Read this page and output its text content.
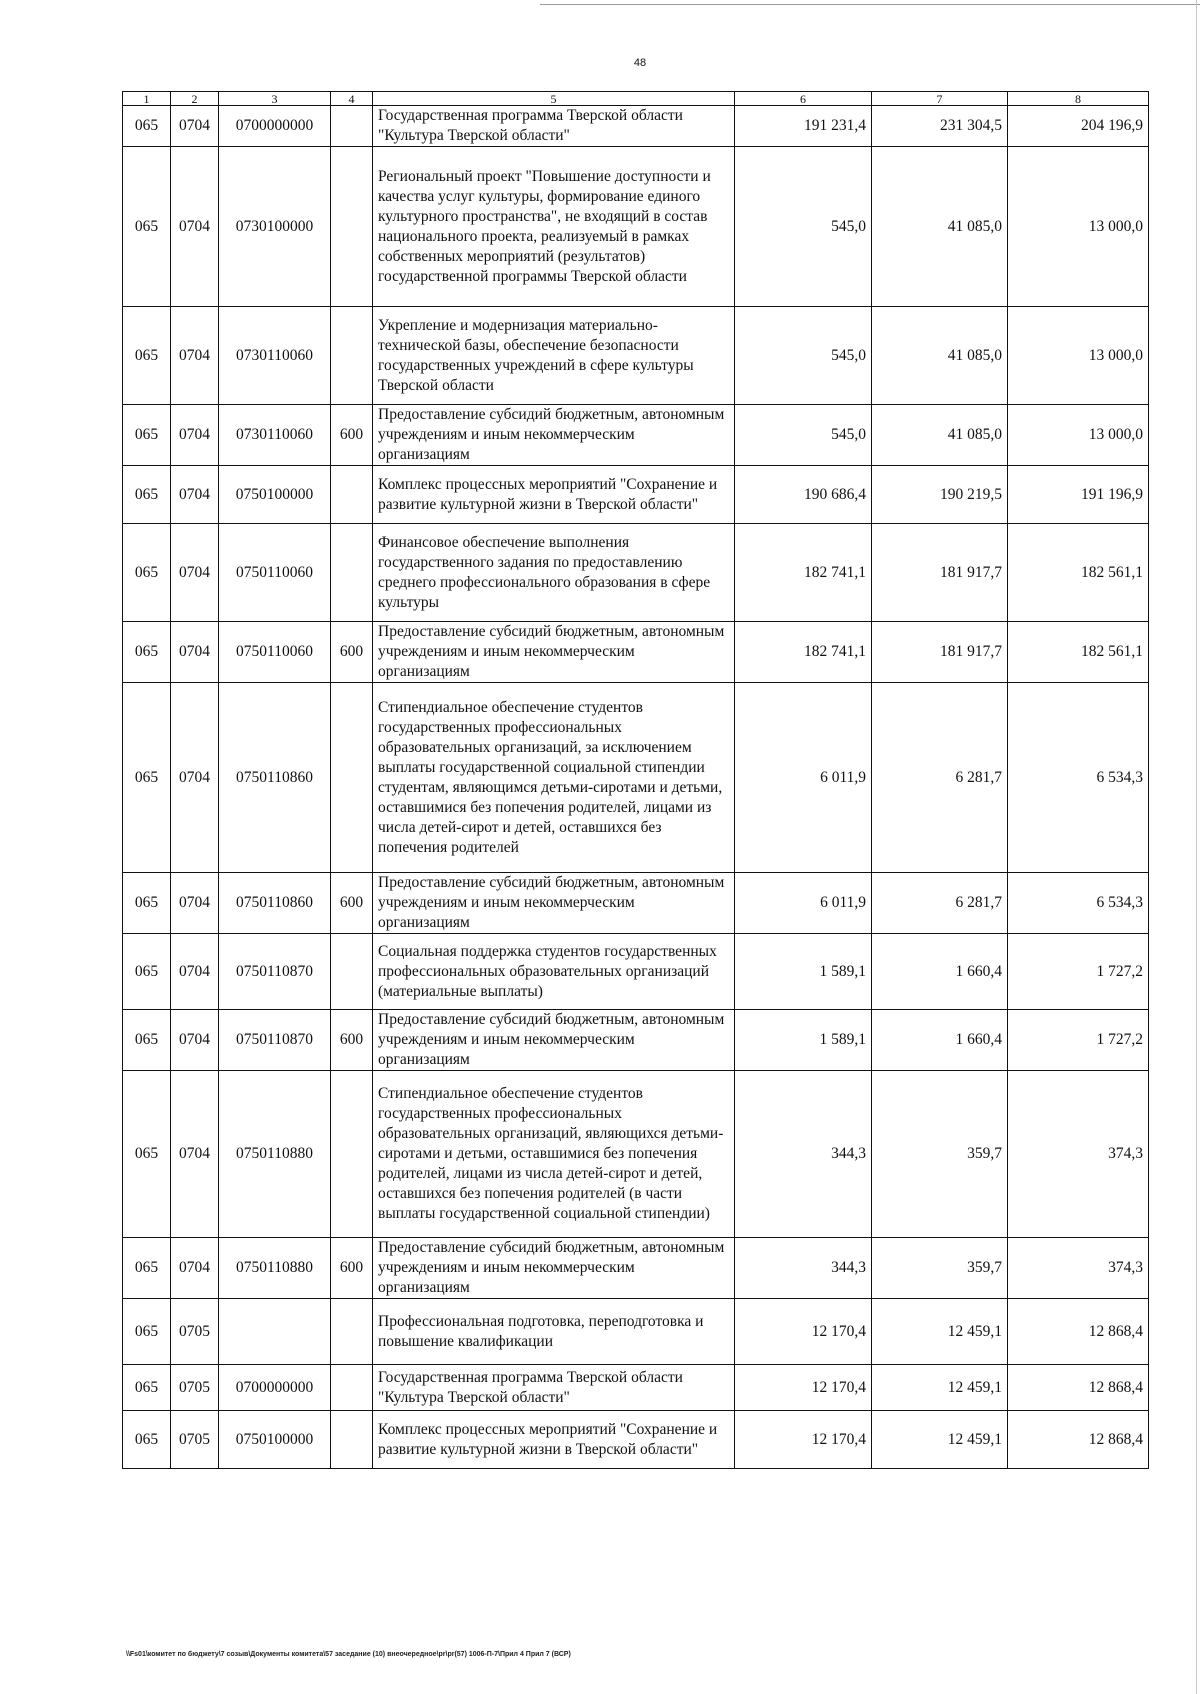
48
1	2	3	4	5	6	7	8
065	0704	0700000000		Государственная программа Тверской области "Культура Тверской области"	191 231,4	231 304,5	204 196,9
065	0704	0730100000		Региональный проект "Повышение доступности и качества услуг культуры, формирование единого культурного пространства", не входящий в состав национального проекта, реализуемый в рамках собственных мероприятий (результатов) государственной программы Тверской области	545,0	41 085,0	13 000,0
065	0704	0730110060		Укрепление и модернизация материально-технической базы, обеспечение безопасности государственных учреждений в сфере культуры Тверской области	545,0	41 085,0	13 000,0
065	0704	0730110060	600	Предоставление субсидий бюджетным, автономным учреждениям и иным некоммерческим организациям	545,0	41 085,0	13 000,0
065	0704	0750100000		Комплекс процессных мероприятий "Сохранение и развитие культурной жизни в Тверской области"	190 686,4	190 219,5	191 196,9
065	0704	0750110060		Финансовое обеспечение выполнения государственного задания по предоставлению среднего профессионального образования в сфере культуры	182 741,1	181 917,7	182 561,1
065	0704	0750110060	600	Предоставление субсидий бюджетным, автономным учреждениям и иным некоммерческим организациям	182 741,1	181 917,7	182 561,1
065	0704	0750110860		Стипендиальное обеспечение студентов государственных профессиональных образовательных организаций, за исключением выплаты государственной социальной стипендии студентам, являющимся детьми-сиротами и детьми, оставшимися без попечения родителей, лицами из числа детей-сирот и детей, оставшихся без попечения родителей	6 011,9	6 281,7	6 534,3
065	0704	0750110860	600	Предоставление субсидий бюджетным, автономным учреждениям и иным некоммерческим организациям	6 011,9	6 281,7	6 534,3
065	0704	0750110870		Социальная поддержка студентов государственных профессиональных образовательных организаций (материальные выплаты)	1 589,1	1 660,4	1 727,2
065	0704	0750110870	600	Предоставление субсидий бюджетным, автономным учреждениям и иным некоммерческим организациям	1 589,1	1 660,4	1 727,2
065	0704	0750110880		Стипендиальное обеспечение студентов государственных профессиональных образовательных организаций, являющихся детьми-сиротами и детьми, оставшимися без попечения родителей, лицами из числа детей-сирот и детей, оставшихся без попечения родителей (в части выплаты государственной социальной стипендии)	344,3	359,7	374,3
065	0704	0750110880	600	Предоставление субсидий бюджетным, автономным учреждениям и иным некоммерческим организациям	344,3	359,7	374,3
065	0705			Профессиональная подготовка, переподготовка и повышение квалификации	12 170,4	12 459,1	12 868,4
065	0705	0700000000		Государственная программа Тверской области "Культура Тверской области"	12 170,4	12 459,1	12 868,4
065	0705	0750100000		Комплекс процессных мероприятий "Сохранение и развитие культурной жизни в Тверской области"	12 170,4	12 459,1	12 868,4
\\Fs01\комитет по бюджету\7 созыв\Документы комитета\57 заседание (10) внеочередное\pr\pr(57) 1006-П-7\Прил 4 Прил 7 (ВСР)
